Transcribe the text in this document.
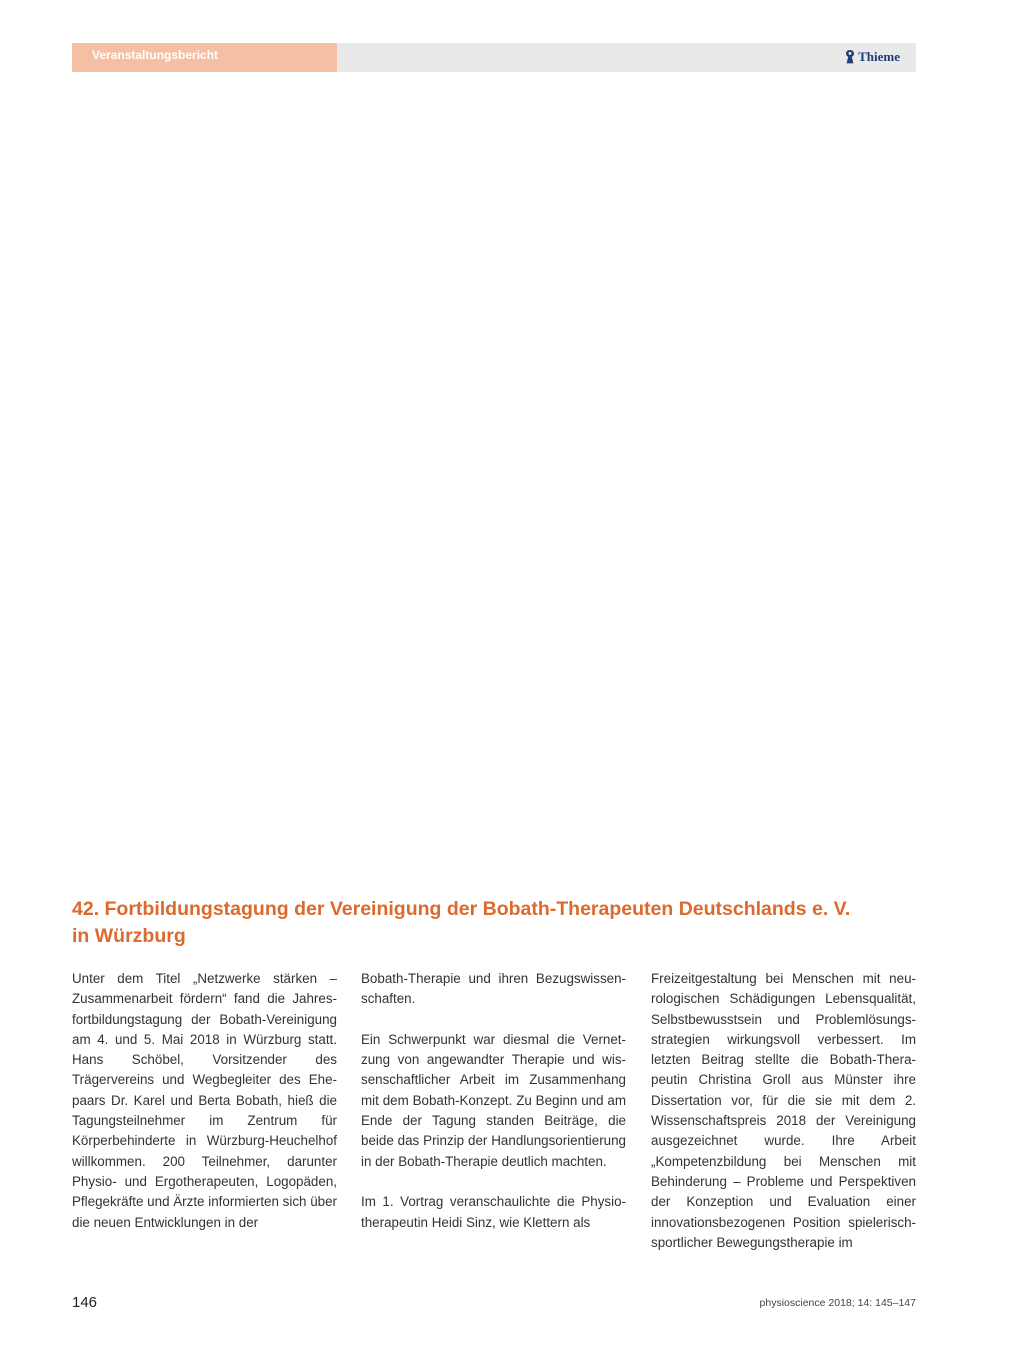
Veranstaltungsbericht	Thieme
42. Fortbildungstagung der Vereinigung der Bobath-Therapeuten Deutschlands e. V.
in Würzburg

Unter dem Titel „Netzwerke stärken – Zusammenarbeit fördern“ fand die Jahresfortbildungstagung der Bobath-Vereinigung am 4. und 5. Mai 2018 in Würzburg statt. Hans Schöbel, Vorsitzender des Trägervereins und Wegbegleiter des Ehepaars Dr. Karel und Berta Bobath, hieß die Tagungsteilnehmer im Zentrum für Körperbehinderte in Würzburg-Heuchelhof willkommen. 200 Teilnehmer, darunter Physio- und Ergotherapeuten, Logopäden, Pflegekräfte und Ärzte informierten sich über die neuen Entwicklungen in der

Bobath-Therapie und ihren Bezugswissenschaften.

Ein Schwerpunkt war diesmal die Vernetzung von angewandter Therapie und wissenschaftlicher Arbeit im Zusammenhang mit dem Bobath-Konzept. Zu Beginn und am Ende der Tagung standen Beiträge, die beide das Prinzip der Handlungsorientierung in der Bobath-Therapie deutlich machten.

Im 1. Vortrag veranschaulichte die Physiotherapeutin Heidi Sinz, wie Klettern als

Freizeitgestaltung bei Menschen mit neurologischen Schädigungen Lebensqualität, Selbstbewusstsein und Problemlösungsstrategien wirkungsvoll verbessert. Im letzten Beitrag stellte die Bobath-Therapeutin Christina Groll aus Münster ihre Dissertation vor, für die sie mit dem 2. Wissenschaftspreis 2018 der Vereinigung ausgezeichnet wurde. Ihre Arbeit „Kompetenzbildung bei Menschen mit Behinderung – Probleme und Perspektiven der Konzeption und Evaluation einer innovationsbezogenen Position spielerisch-sportlicher Bewegungstherapie im

146	physioscience 2018; 14: 145–147
